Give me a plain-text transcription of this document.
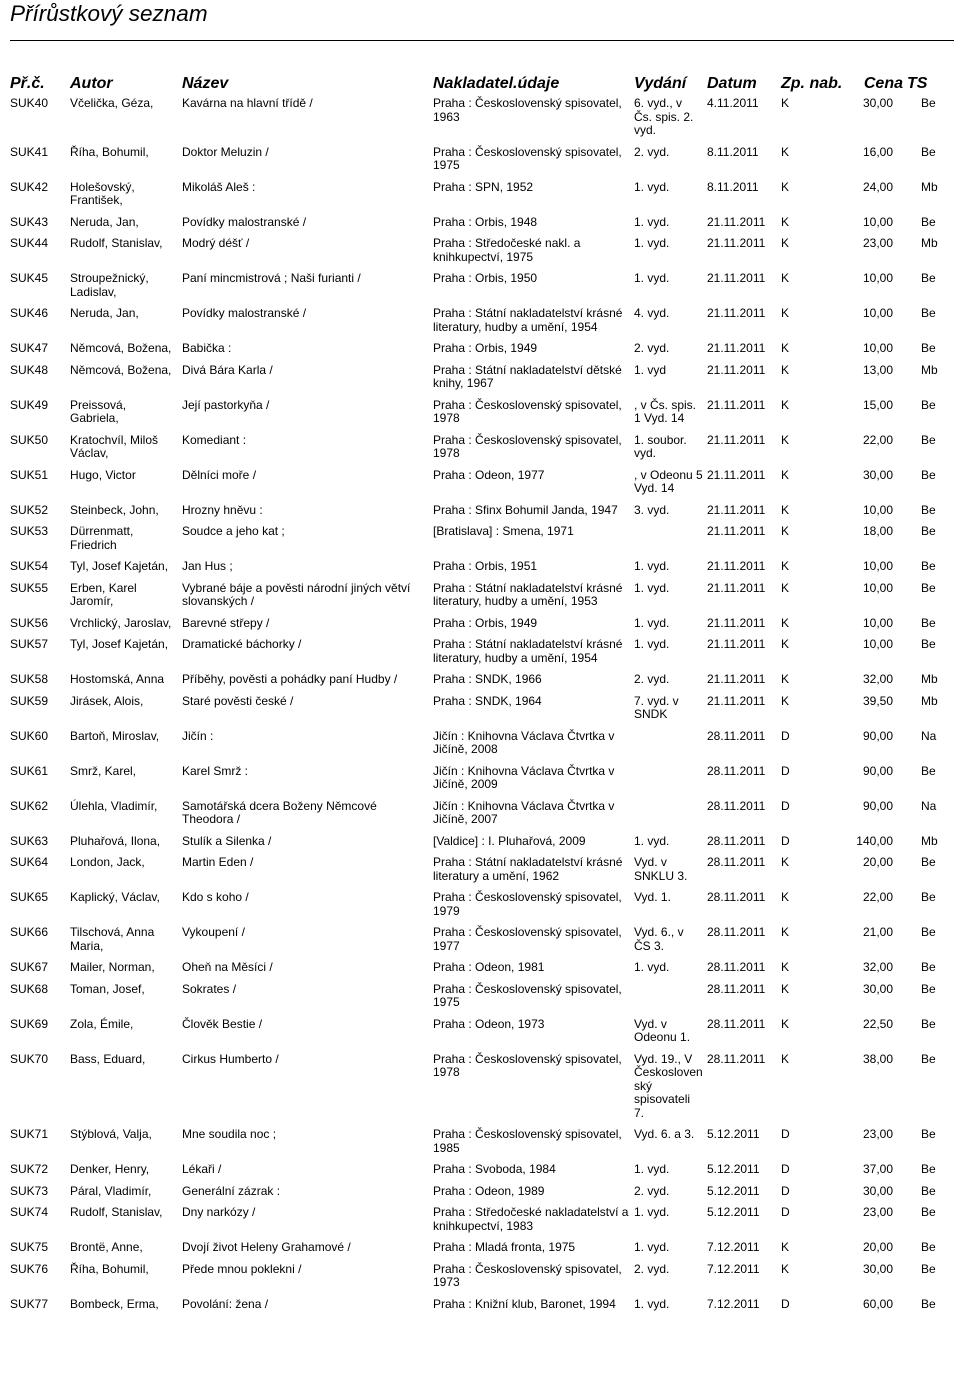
Přírůstkový seznam
Př.č.	Autor	Název	Nakladatel.údaje	Vydání	Datum	Zp. nab.	Cena	TS
SUK40	Včelička, Géza,	Kavárna na hlavní třídě /	Praha : Československý spisovatel, 1963	6. vyd., v Čs. spis. 2. vyd.	4.11.2011	K	30,00	Be
SUK41	Říha, Bohumil,	Doktor Meluzin /	Praha : Československý spisovatel, 1975	2. vyd.	8.11.2011	K	16,00	Be
SUK42	Holešovský, František,	Mikoláš Aleš :	Praha : SPN, 1952	1. vyd.	8.11.2011	K	24,00	Mb
SUK43	Neruda, Jan,	Povídky malostranské /	Praha : Orbis, 1948	1. vyd.	21.11.2011	K	10,00	Be
SUK44	Rudolf, Stanislav,	Modrý déšť /	Praha : Středočeské nakl. a knihkupectví, 1975	1. vyd.	21.11.2011	K	23,00	Mb
SUK45	Stroupežnický, Ladislav,	Paní mincmistrová ; Naši furianti /	Praha : Orbis, 1950	1. vyd.	21.11.2011	K	10,00	Be
SUK46	Neruda, Jan,	Povídky malostranské /	Praha : Státní nakladatelství krásné literatury, hudby a umění, 1954	4. vyd.	21.11.2011	K	10,00	Be
SUK47	Němcová, Božena,	Babička :	Praha : Orbis, 1949	2. vyd.	21.11.2011	K	10,00	Be
SUK48	Němcová, Božena,	Divá Bára Karla /	Praha : Státní nakladatelství dětské knihy, 1967	1. vyd	21.11.2011	K	13,00	Mb
SUK49	Preissová, Gabriela,	Její pastorkyňa /	Praha : Československý spisovatel, 1978	, v Čs. spis. 1 Vyd. 14	21.11.2011	K	15,00	Be
SUK50	Kratochvíl, Miloš Václav,	Komediant :	Praha : Československý spisovatel, 1978	1. soubor. vyd.	21.11.2011	K	22,00	Be
SUK51	Hugo, Victor	Dělníci moře /	Praha : Odeon, 1977	, v Odeonu 5 Vyd. 14	21.11.2011	K	30,00	Be
SUK52	Steinbeck, John,	Hrozny hněvu :	Praha : Sfinx Bohumil Janda, 1947	3. vyd.	21.11.2011	K	10,00	Be
SUK53	Dürrenmatt, Friedrich	Soudce a jeho kat ;	[Bratislava] : Smena, 1971		21.11.2011	K	18,00	Be
SUK54	Tyl, Josef Kajetán,	Jan Hus ;	Praha : Orbis, 1951	1. vyd.	21.11.2011	K	10,00	Be
SUK55	Erben, Karel Jaromír,	Vybrané báje a pověsti národní jiných větví slovanských /	Praha : Státní nakladatelství krásné literatury, hudby a umění, 1953	1. vyd.	21.11.2011	K	10,00	Be
SUK56	Vrchlický, Jaroslav,	Barevné střepy /	Praha : Orbis, 1949	1. vyd.	21.11.2011	K	10,00	Be
SUK57	Tyl, Josef Kajetán,	Dramatické báchorky /	Praha : Státní nakladatelství krásné literatury, hudby a umění, 1954	1. vyd.	21.11.2011	K	10,00	Be
SUK58	Hostomská, Anna	Příběhy, pověsti a pohádky paní Hudby /	Praha : SNDK, 1966	2. vyd.	21.11.2011	K	32,00	Mb
SUK59	Jirásek, Alois,	Staré pověsti české /	Praha : SNDK, 1964	7. vyd. v SNDK	21.11.2011	K	39,50	Mb
SUK60	Bartoň, Miroslav,	Jičín :	Jičín : Knihovna Václava Čtvrtka v Jičíně, 2008		28.11.2011	D	90,00	Na
SUK61	Smrž, Karel,	Karel Smrž :	Jičín : Knihovna Václava Čtvrtka v Jičíně, 2009		28.11.2011	D	90,00	Be
SUK62	Úlehla, Vladimír,	Samotářská dcera Boženy Němcové Theodora /	Jičín : Knihovna Václava Čtvrtka v Jičíně, 2007		28.11.2011	D	90,00	Na
SUK63	Pluhařová, Ilona,	Stulík a Silenka /	[Valdice] : I. Pluhařová, 2009	1. vyd.	28.11.2011	D	140,00	Mb
SUK64	London, Jack,	Martin Eden /	Praha : Státní nakladatelství krásné literatury a umění, 1962	Vyd. v SNKLU 3.	28.11.2011	K	20,00	Be
SUK65	Kaplický, Václav,	Kdo s koho /	Praha : Československý spisovatel, 1979	Vyd. 1.	28.11.2011	K	22,00	Be
SUK66	Tilschová, Anna Maria,	Vykoupení /	Praha : Československý spisovatel, 1977	Vyd. 6., v ČS 3.	28.11.2011	K	21,00	Be
SUK67	Mailer, Norman,	Oheň na Měsíci /	Praha : Odeon, 1981	1. vyd.	28.11.2011	K	32,00	Be
SUK68	Toman, Josef,	Sokrates /	Praha : Československý spisovatel, 1975		28.11.2011	K	30,00	Be
SUK69	Zola, Émile,	Člověk Bestie /	Praha : Odeon, 1973	Vyd. v Odeonu 1.	28.11.2011	K	22,50	Be
SUK70	Bass, Eduard,	Cirkus Humberto /	Praha : Československý spisovatel, 1978	Vyd. 19., V Československý spisovateli 7.	28.11.2011	K	38,00	Be
SUK71	Stýblová, Valja,	Mne soudila noc ;	Praha : Československý spisovatel, 1985	Vyd. 6. a 3.	5.12.2011	D	23,00	Be
SUK72	Denker, Henry,	Lékaři /	Praha : Svoboda, 1984	1. vyd.	5.12.2011	D	37,00	Be
SUK73	Páral, Vladimír,	Generální zázrak :	Praha : Odeon, 1989	2. vyd.	5.12.2011	D	30,00	Be
SUK74	Rudolf, Stanislav,	Dny narkózy /	Praha : Středočeské nakladatelství a knihkupectví, 1983	1. vyd.	5.12.2011	D	23,00	Be
SUK75	Brontë, Anne,	Dvojí život Heleny Grahamové /	Praha : Mladá fronta, 1975	1. vyd.	7.12.2011	K	20,00	Be
SUK76	Říha, Bohumil,	Přede mnou poklekni /	Praha : Československý spisovatel, 1973	2. vyd.	7.12.2011	K	30,00	Be
SUK77	Bombeck, Erma,	Povolání: žena /	Praha : Knižní klub, Baronet, 1994	1. vyd.	7.12.2011	D	60,00	Be
